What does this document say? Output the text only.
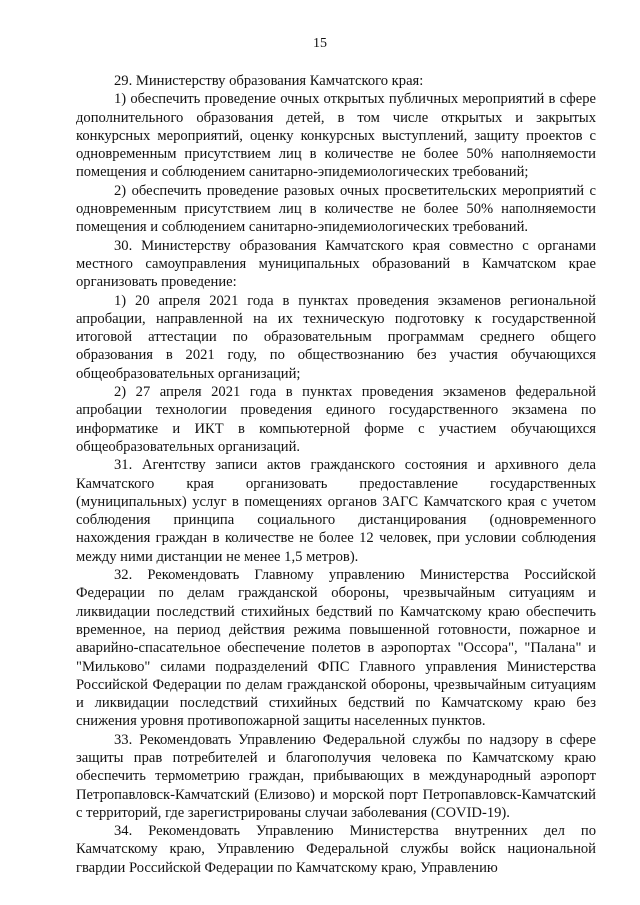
15

29. Министерству образования Камчатского края:

1) обеспечить проведение очных открытых публичных мероприятий в сфере дополнительного образования детей, в том числе открытых и закрытых конкурсных мероприятий, оценку конкурсных выступлений, защиту проектов с одновременным присутствием лиц в количестве не более 50% наполняемости помещения и соблюдением санитарно-эпидемиологических требований;

2) обеспечить проведение разовых очных просветительских мероприятий с одновременным присутствием лиц в количестве не более 50% наполняемости помещения и соблюдением санитарно-эпидемиологических требований.

30. Министерству образования Камчатского края совместно с органами местного самоуправления муниципальных образований в Камчатском крае организовать проведение:

1) 20 апреля 2021 года в пунктах проведения экзаменов региональной апробации, направленной на их техническую подготовку к государственной итоговой аттестации по образовательным программам среднего общего образования в 2021 году, по обществознанию без участия обучающихся общеобразовательных организаций;

2) 27 апреля 2021 года в пунктах проведения экзаменов федеральной апробации технологии проведения единого государственного экзамена по информатике и ИКТ в компьютерной форме с участием обучающихся общеобразовательных организаций.

31. Агентству записи актов гражданского состояния и архивного дела Камчатского края организовать предоставление государственных (муниципальных) услуг в помещениях органов ЗАГС Камчатского края с учетом соблюдения принципа социального дистанцирования (одновременного нахождения граждан в количестве не более 12 человек, при условии соблюдения между ними дистанции не менее 1,5 метров).

32. Рекомендовать Главному управлению Министерства Российской Федерации по делам гражданской обороны, чрезвычайным ситуациям и ликвидации последствий стихийных бедствий по Камчатскому краю обеспечить временное, на период действия режима повышенной готовности, пожарное и аварийно-спасательное обеспечение полетов в аэропортах "Оссора", "Палана" и "Мильково" силами подразделений ФПС Главного управления Министерства Российской Федерации по делам гражданской обороны, чрезвычайным ситуациям и ликвидации последствий стихийных бедствий по Камчатскому краю без снижения уровня противопожарной защиты населенных пунктов.

33. Рекомендовать Управлению Федеральной службы по надзору в сфере защиты прав потребителей и благополучия человека по Камчатскому краю обеспечить термометрию граждан, прибывающих в международный аэропорт Петропавловск-Камчатский (Елизово) и морской порт Петропавловск-Камчатский с территорий, где зарегистрированы случаи заболевания (COVID-19).

34. Рекомендовать Управлению Министерства внутренних дел по Камчатскому краю, Управлению Федеральной службы войск национальной гвардии Российской Федерации по Камчатскому краю, Управлению
